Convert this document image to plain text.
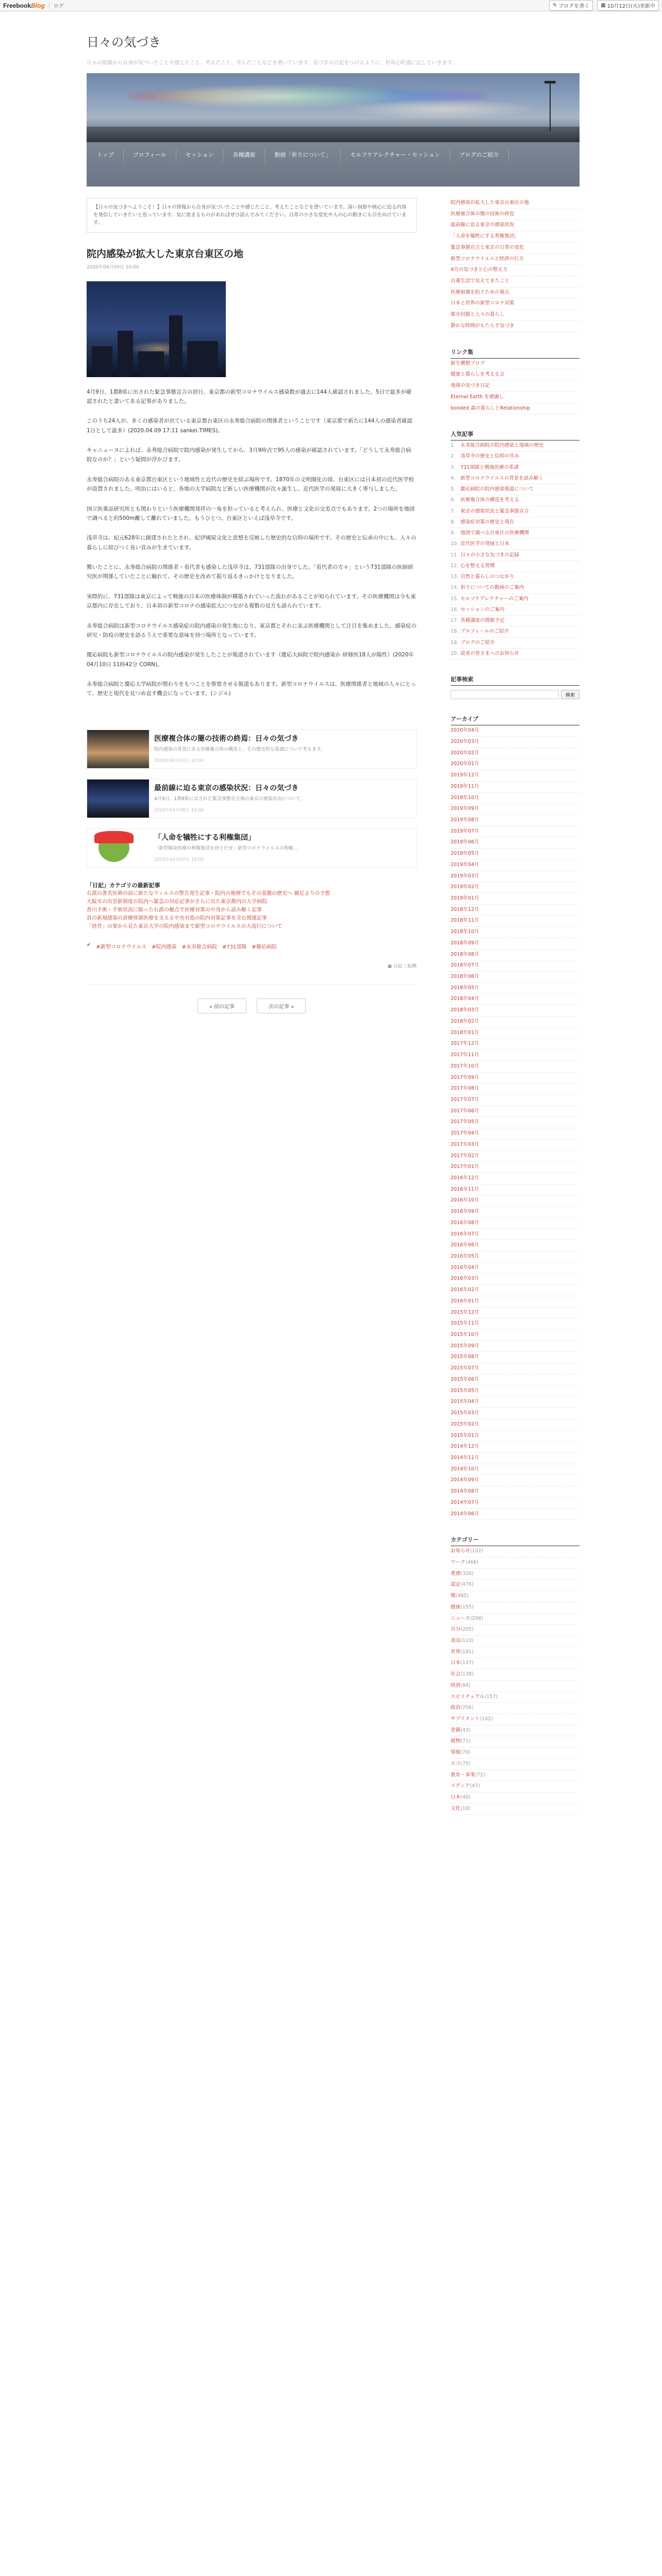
FreebookBlog ログ	✎ ブログを書く ▦ 10月12日(火)更新中
日々の気づき
日々の情報から自身が気づいたことや感じたこと、考えたこと、学んだことなどを書いています。気づきの日記をつけるように、好奇心旺盛に記していきます。
トップ	プロフィール	セッション	各種講座	動画「祈りについて」	セルフケアレクチャー・セッション	ブログのご紹介
【日々の気づきへようこそ！】日々の情報から自身が気づいたことや感じたこと、考えたことなどを書いています。深い洞察や核心に迫る内容を発信していきたいと思っています。気に留まるものがあればぜひ読んでみてください。日常の小さな変化や人の心の動きにも目を向けています。
院内感染が拡大した東京台東区の地
2020年04月09日 10:00

4月9日、1都8県に出された緊急事態宣言の初日、東京都の新型コロナウイルス感染数が過去に144人確認されました。5日で最多が確認されたと書いてある記事がありました。

このうち24人が、多くの感染者が出ている東京都台東区の永寿総合病院の関係者ということです（東京都で新たに144人の感染者確認 1日として最多）(2020.04.09 17:11 sankei.TIMES)。

キャニューヌによれば、永寿総合病院で院内感染が発生してから、3月9時点で95人の感染が確認されています。「どうして永寿総合病院なのか？」という疑問が浮かびます。

永寿総合病院のある東京都台東区という地域性と近代の歴史を結ぶ場所です。1870年の文明開化の頃、台東区には日本初の近代医学校が設置されました。明治にはいると、各地の大学病院など新しい医療機関が次々誕生し、近代医学の発展に大きく寄与しました。

国立医薬品研究所とも関わりという医療機関発祥の一角を担っていると考えられ、医療と文化の交差点でもあります。2つの場所を地図で調べると約500m離して離れていました。もうひとつ、台東区といえば浅草寺です。

浅草寺は、紀元628年に創建されたとされ、紀伊國屋文化と思想を反映した歴史的な信仰の場所です。その歴史と伝承の中にも、人々の暮らしに結びつく長い営みが生きています。

驚いたことに、永寿総合病院の関係者・看代者も感染した浅草寺は、731部隊の出身でした。「看代者の方々」という731部隊の医師研究医が関係していたことに触れて、その歴史を改めて振り返るきっかけとなりました。

実際的に、731部隊は東京によって戦後の日本の医療体制が構築されていった流れがあることが知られています。その医療機関は今も東京都内に存在しており、日本初の新型コロナの感染拡大につながる複数の見方も語られています。

永寿総合病院は新型コロナウイルス感染症の院内感染の発生地になり、東京都とそれに並ぶ医療機関として注目を集めました。感染症の研究・防疫の歴史を語るうえで重要な意味を持つ場所となっています。

慶応病院も新型コロナウイルスの院内感染が発生したことが報道されています（慶応大病院で院内感染か 研修医18人が陽性）(2020年04月10日 11時42分 CORN)。

永寿総合病院と慶応大学病院が関わりをもつことを推察させる報道もあります。新型コロナウイルスは、医療関係者と地域の人々にとって、歴史と現代を見つめ直す機会になっています。(シジル)

医療複合体の闇の技術の終焉：日々の気づき
院内感染の背景にある医療複合体の構造と、その歴史的な系譜について考えます。
2020年04月10日 10:00
最前線に迫る東京の感染状況：日々の気づき
4月9日、1都8県に出された緊急事態宣言後の東京の感染状況について。
2020年04月08日 10:00
「人命を犠牲にする利権集団」
「新型肺炎医療の利権集団を抉りだせ」新型コロナウイルスの利権…
2020年04月07日 10:00
「日記」カテゴリの最新記事
右派の著名医師の前に新たなウィルスの警告発生記事・院内の地層でもその基盤の歴史へ 補足よりの予想
大阪市の出雲新制度の院内へ緊急の対応記事がさらに出た東京都内の大学病院
香川手術・手術状況に陥った右派の観点で医療対策の中身から読み解く記事
真の新規感染の診療体制医療を支える中央対処の院内対策記事を含む関連記事
「経営」の要から見た東京大学の院内感染まで新型コロナウイルスの大流行について
✔ #新型コロナウイルス #院内感染 #永寿総合病院 #731部隊 #慶応病院
▣ 日記｜振興
« 前の記事	次の記事 »
院内感染が拡大した東京台東区の地
医療複合体の闇の技術の終焉
最前線に迫る東京の感染状況
「人命を犠牲にする利権集団」
緊急事態宣言と東京の日常の変化
新型コロナウイルスと経済の行方
4月の気づきと心の整え方
自粛生活で見えてきたこと
医療崩壊を防ぐための視点
日本と世界の新型コロナ対策
都市封鎖と人々の暮らし
静かな時間がもたらす気づき
リンク集
新生構想ブログ
健康と暮らしを考える会
地球の気づき日記
Eternal Earth を感謝し
bonded 森の暮らしとRelationship
人気記事
1.	永寿総合病院の院内感染と地域の歴史
2.	浅草寺の歴史と信仰の営み
3.	731部隊と戦後医療の系譜
4.	新型コロナウイルスの背景を読み解く
5.	慶応病院の院内感染報道について
6.	医療複合体の構造を考える
7.	東京の感染状況と緊急事態宣言
8.	感染症対策の歴史と現在
9.	地図で調べる台東区の医療機関
10. 近代医学の発展と日本
11. 日々の小さな気づきの記録
12. 心を整える習慣
13. 自然と暮らしのつながり
14. 祈りについての動画のご案内
15. セルフケアレクチャーのご案内
16. セッションのご案内
17. 各種講座の開催予定
18. プロフィールのご紹介
19. ブログのご紹介
20. 読者の皆さまへのお知らせ
記事検索
検索
アーカイブ
2020年04月
2020年03月
2020年02月
2020年01月
2019年12月
2019年11月
2019年10月
2019年09月
2019年08月
2019年07月
2019年06月
2019年05月
2019年04月
2019年03月
2019年02月
2019年01月
2018年12月
2018年11月
2018年10月
2018年09月
2018年08月
2018年07月
2018年06月
2018年05月
2018年04月
2018年03月
2018年02月
2018年01月
2017年12月
2017年11月
2017年10月
2017年09月
2017年08月
2017年07月
2017年06月
2017年05月
2017年04月
2017年03月
2017年02月
2017年01月
2016年12月
2016年11月
2016年10月
2016年09月
2016年08月
2016年07月
2016年06月
2016年05月
2016年04月
2016年03月
2016年02月
2016年01月
2015年12月
2015年11月
2015年10月
2015年09月
2015年08月
2015年07月
2015年06月
2015年05月
2015年04月
2015年03月
2015年02月
2015年01月
2014年12月
2014年11月
2014年10月
2014年09月
2014年08月
2014年07月
2014年06月
カテゴリー
お知らせ(102)
ワーク(466)
愛感(326)
認定(476)
微(485)
健康(155)
ニュース(298)
自分(205)
食品(110)
世界(181)
日本(147)
社会(138)
経済(84)
スピリチュアル(157)
政治(256)
サプリメント(102)
書籍(43)
植物(71)
情報(79)
エコ(75)
教育・事業(72)
メディア(47)
日本(40)
文化(18)
